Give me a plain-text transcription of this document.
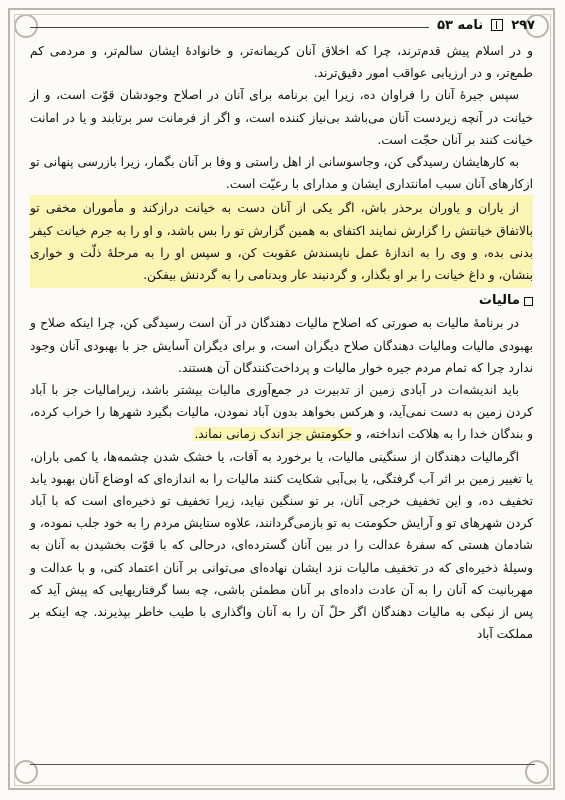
۲۹۷
نامه ۵۳

و در اسلام پیش قدم‌ترند، چرا که اخلاق آنان کریمانه‌تر، و خانوادهٔ ایشان سالم‌تر، و مردمی کم طمع‌تر، و در ارزیابی عواقب امور دقیق‌ترند.

سپس جیرهٔ آنان را فراوان ده، زیرا این برنامه برای آنان در اصلاح وجودشان قوّت است، و از خیانت در آنچه زیردست آنان می‌باشد بی‌نیاز کننده است، و اگر از فرمانت سر برتابند و یا در امانت خیانت کنند بر آنان حجّت است.

به کارهایشان رسیدگی کن، وجاسوسانی از اهل راستی و وفا بر آنان بگمار، زیرا بازرسی پنهانی تو ازکارهای آنان سبب امانتداری ایشان و مدارای با رعیّت است.

از یاران و یاوران برحذر باش، اگر یکی از آنان دست به خیانت درازکند و مأموران مخفی تو بالاتفاق خیانتش را گزارش نمایند اکتفای به همین گزارش تو را بس باشد، و او را به جرم خیانت کیفر بدنی بده، و وی را به اندازهٔ عمل ناپسندش عقوبت کن، و سپس او را به مرحلهٔ ذلّت و خواری بنشان، و داغ خیانت را بر او بگذار، و گردنبند عار وبدنامی را به گردنش بیفکن.

مالیات

در برنامهٔ مالیات به صورتی که اصلاح مالیات دهندگان در آن است رسیدگی کن، چرا اینکه صلاح و بهبودی مالیات ومالیات دهندگان صلاح دیگران است، و برای دیگران آسایش جز با بهبودی آنان وجود ندارد چرا که تمام مردم جیره خوار مالیات و پرداخت‌کنندگان آن هستند.

باید اندیشه‌ات در آبادی زمین از تدبیرت در جمع‌آوری مالیات بیشتر باشد، زیرامالیات جز با آباد کردن زمین به دست نمی‌آید، و هرکس بخواهد بدون آباد نمودن، مالیات بگیرد شهرها را خراب کرده، و بندگان خدا را به هلاکت انداخته، و حکومتش جز اندک زمانی نماند.

اگرمالیات دهندگان از سنگینی مالیات، یا برخورد به آفات، یا خشک شدن چشمه‌ها، یا کمی باران، یا تغییر زمین بر اثر آب گرفتگی، یا بی‌آبی شکایت کنند مالیات را به اندازه‌ای که اوضاع آنان بهبود یابد تخفیف ده، و این تخفیف خرجی آنان، بر تو سنگین نیاید، زیرا تخفیف تو ذخیره‌ای است که با آباد کردن شهرهای تو و آرایش حکومتت به تو بازمی‌گردانند، علاوه ستایش مردم را به خود جلب نموده، و شادمان هستی که سفرهٔ عدالت را در بین آنان گسترده‌ای، درحالی که با قوّت بخشیدن به آنان به وسیلهٔ ذخیره‌ای که در تخفیف مالیات نزد ایشان نهاده‌ای می‌توانی بر آنان اعتماد کنی، و با عدالت و مهربانیت که آنان را به آن عادت داده‌ای بر آنان مطمئن باشی، چه بسا گرفتاریهایی که پیش آید که پس از نیکی به مالیات دهندگان اگر حلّ آن را به آنان واگذاری با طیب خاطر بپذیرند. چه اینکه بر مملکت آباد
